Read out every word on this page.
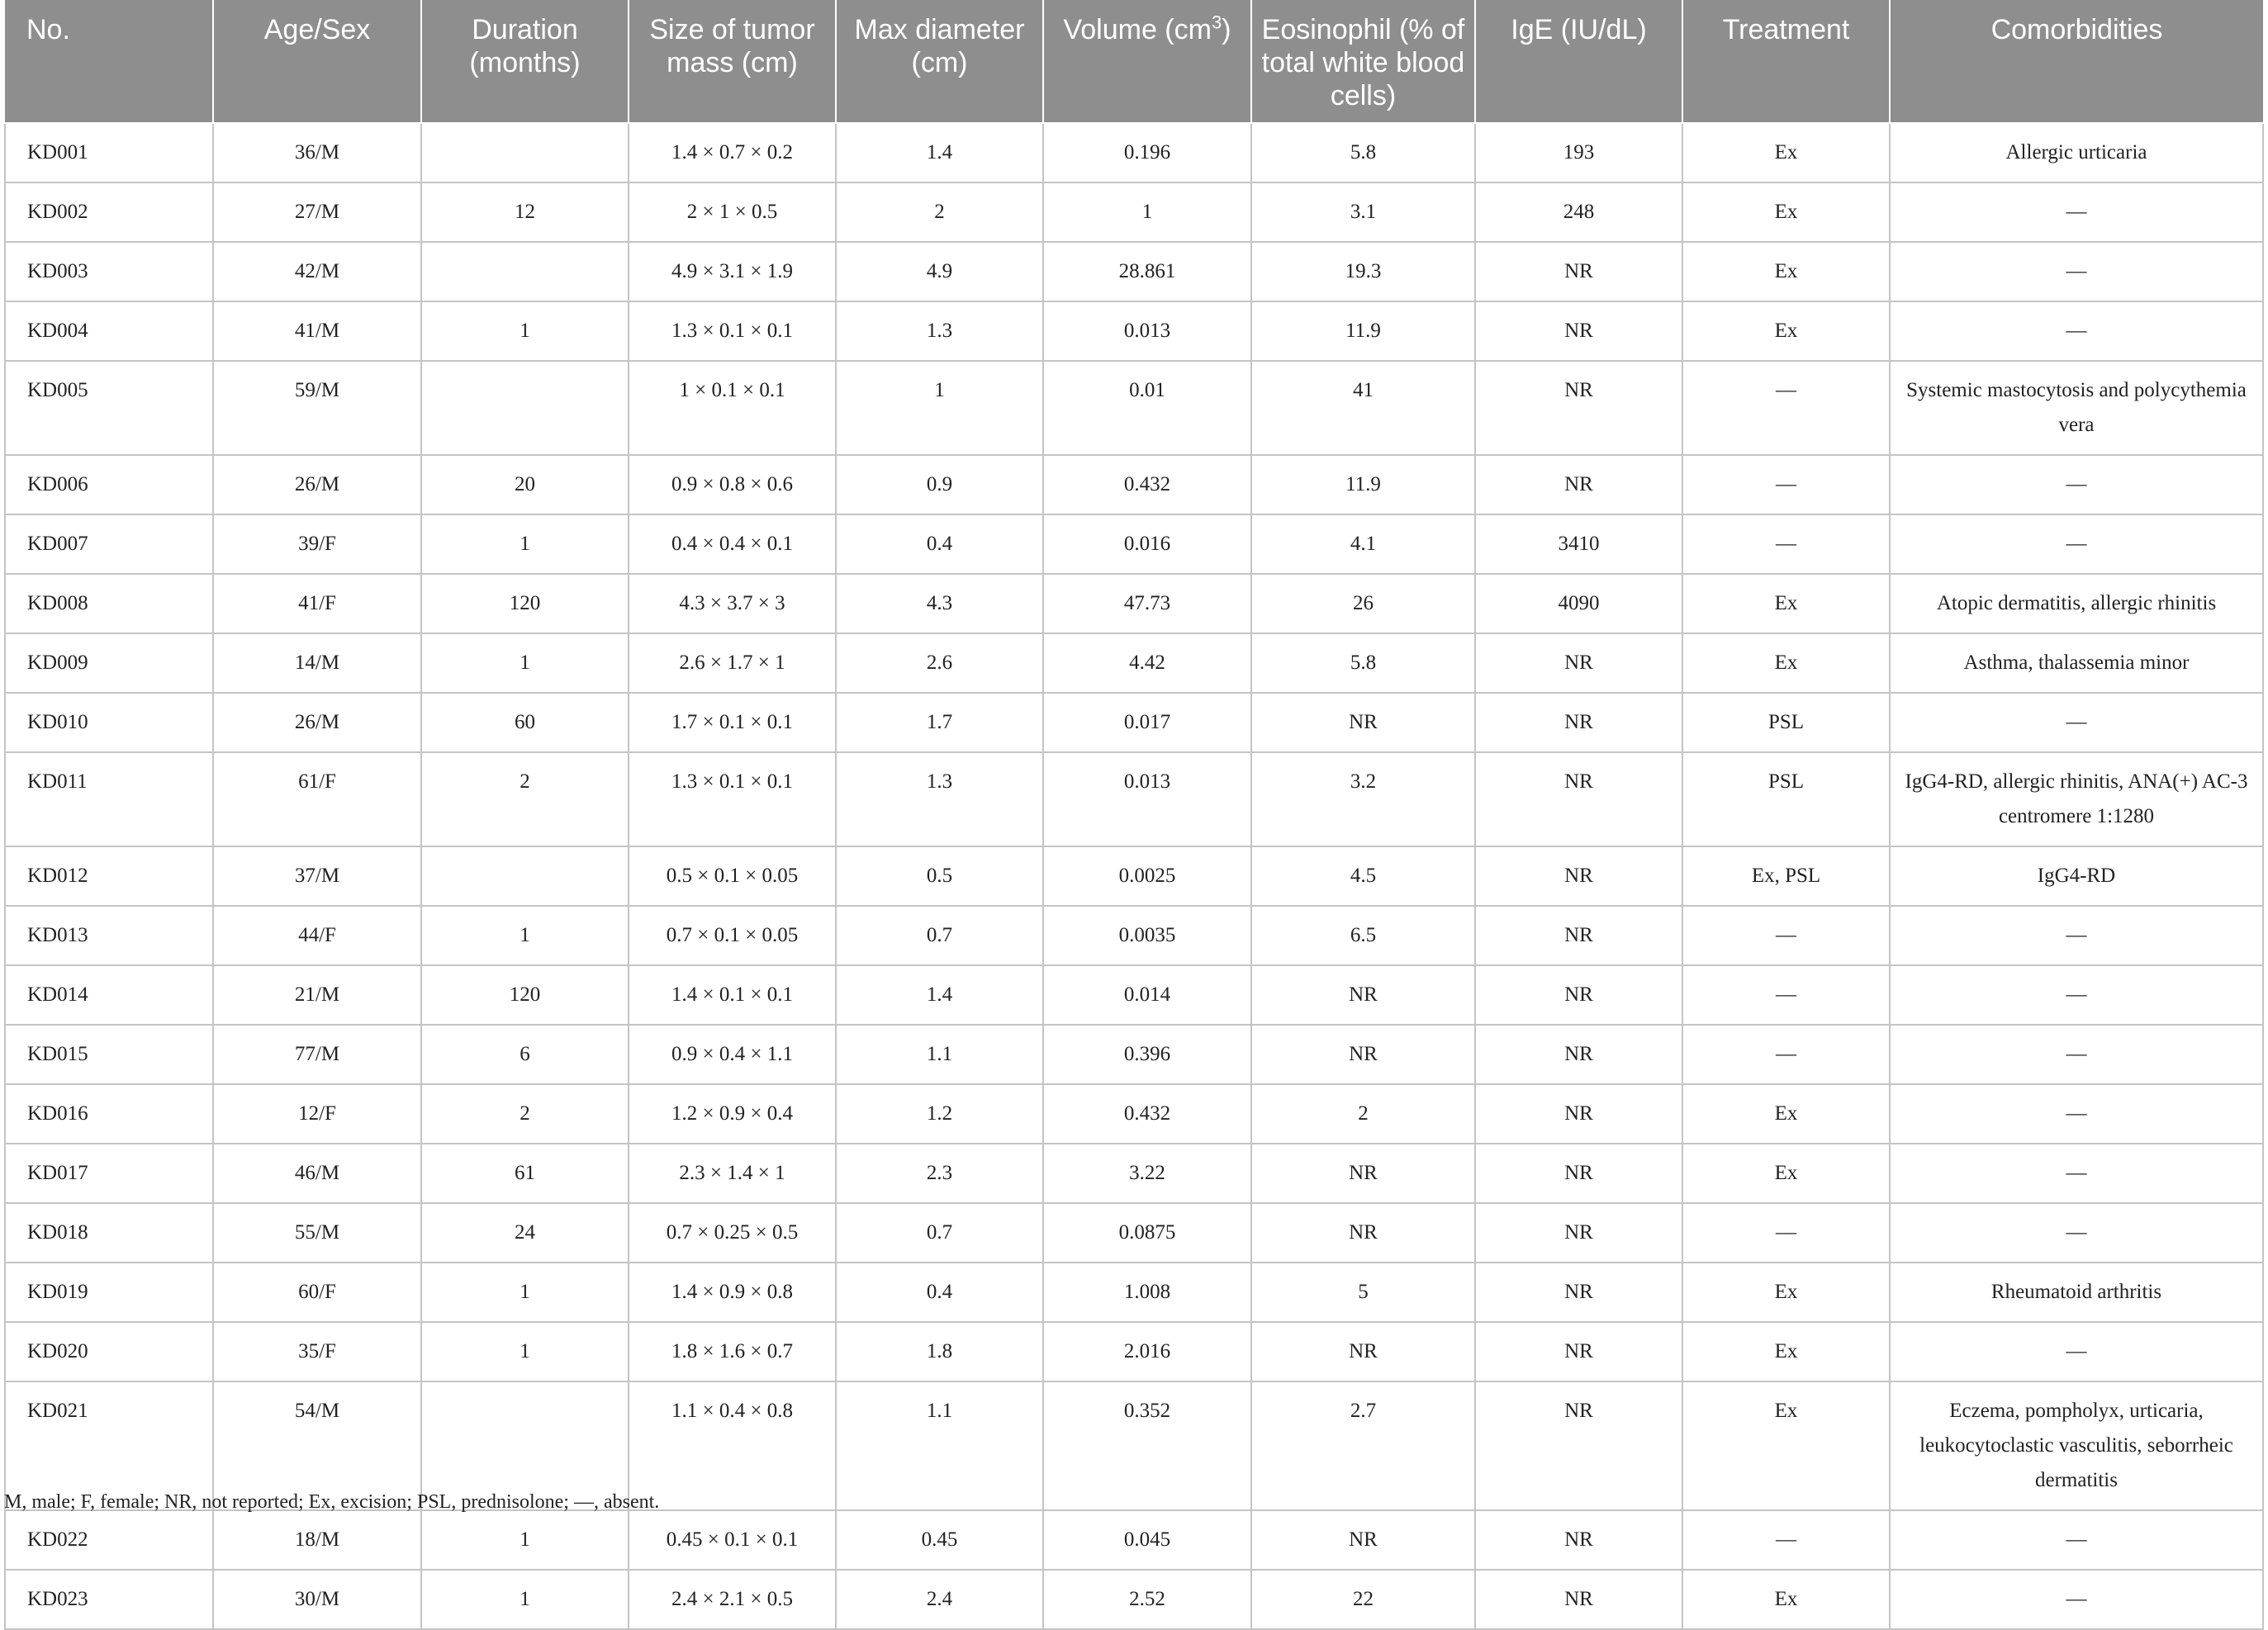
No.	Age/Sex	Duration (months)	Size of tumor mass (cm)	Max diameter (cm)	Volume $(cm^3)$	Eosinophil (% of total white blood cells)	IgE (IU/dL)	Treatment	Comorbidities
KD001	36/M		1.4 × 0.7 × 0.2	1.4	0.196	5.8	193	Ex	Allergic urticaria
KD002	27/M	12	2 × 1 × 0.5	2	1	3.1	248	Ex	—
KD003	42/M		4.9 × 3.1 × 1.9	4.9	28.861	19.3	NR	Ex	—
KD004	41/M	1	1.3 × 0.1 × 0.1	1.3	0.013	11.9	NR	Ex	—
KD005	59/M		1 × 0.1 × 0.1	1	0.01	41	NR	—	Systemic mastocytosis and polycythemia vera
KD006	26/M	20	0.9 × 0.8 × 0.6	0.9	0.432	11.9	NR	—	—
KD007	39/F	1	0.4 × 0.4 × 0.1	0.4	0.016	4.1	3410	—	—
KD008	41/F	120	4.3 × 3.7 × 3	4.3	47.73	26	4090	Ex	Atopic dermatitis, allergic rhinitis
KD009	14/M	1	2.6 × 1.7 × 1	2.6	4.42	5.8	NR	Ex	Asthma, thalassemia minor
KD010	26/M	60	1.7 × 0.1 × 0.1	1.7	0.017	NR	NR	PSL	—
KD011	61/F	2	1.3 × 0.1 × 0.1	1.3	0.013	3.2	NR	PSL	IgG4-RD, allergic rhinitis, ANA(+) AC-3 centromere 1:1280
KD012	37/M		0.5 × 0.1 × 0.05	0.5	0.0025	4.5	NR	Ex, PSL	IgG4-RD
KD013	44/F	1	0.7 × 0.1 × 0.05	0.7	0.0035	6.5	NR	—	—
KD014	21/M	120	1.4 × 0.1 × 0.1	1.4	0.014	NR	NR	—	—
KD015	77/M	6	0.9 × 0.4 × 1.1	1.1	0.396	NR	NR	—	—
KD016	12/F	2	1.2 × 0.9 × 0.4	1.2	0.432	2	NR	Ex	—
KD017	46/M	61	2.3 × 1.4 × 1	2.3	3.22	NR	NR	Ex	—
KD018	55/M	24	0.7 × 0.25 × 0.5	0.7	0.0875	NR	NR	—	—
KD019	60/F	1	1.4 × 0.9 × 0.8	0.4	1.008	5	NR	Ex	Rheumatoid arthritis
KD020	35/F	1	1.8 × 1.6 × 0.7	1.8	2.016	NR	NR	Ex	—
KD021	54/M		1.1 × 0.4 × 0.8	1.1	0.352	2.7	NR	Ex	Eczema, pompholyx, urticaria, leukocytoclastic vasculitis, seborrheic dermatitis
KD022	18/M	1	0.45 × 0.1 × 0.1	0.45	0.045	NR	NR	—	—
KD023	30/M	1	2.4 × 2.1 × 0.5	2.4	2.52	22	NR	Ex	—
M, male; F, female; NR, not reported; Ex, excision; PSL, prednisolone; —, absent.
